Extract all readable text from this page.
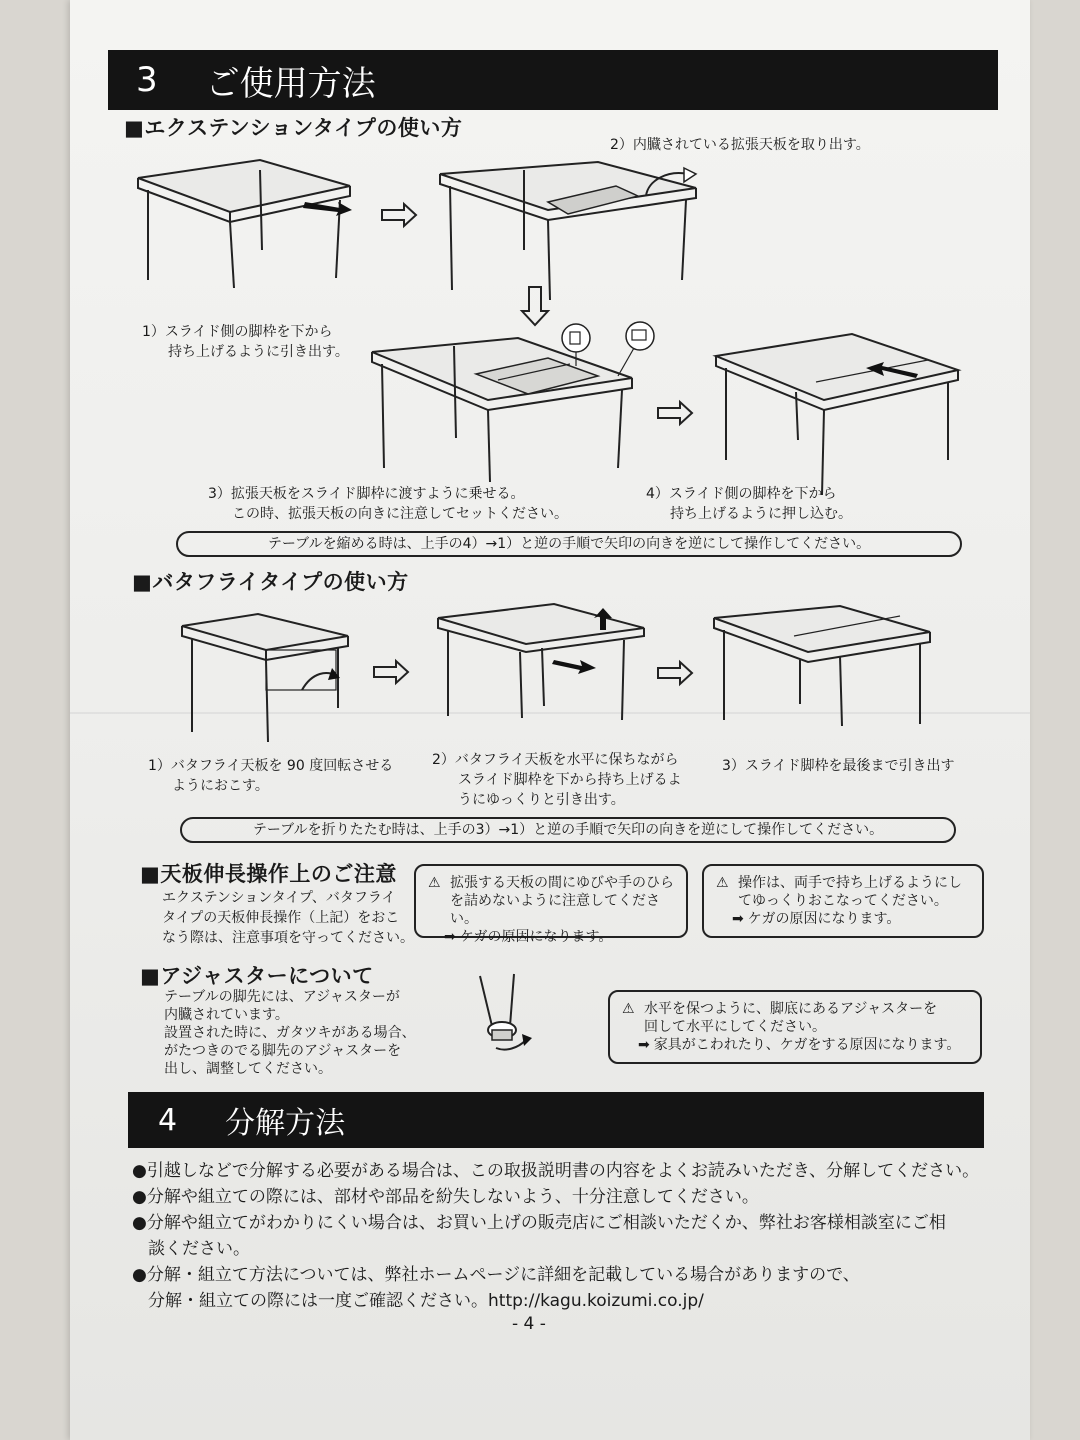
3 ご使用方法
■エクステンションタイプの使い方
2）内臓されている拡張天板を取り出す。
1）スライド側の脚枠を下から
持ち上げるように引き出す。
3）拡張天板をスライド脚枠に渡すように乗せる。
この時、拡張天板の向きに注意してセットください。
4）スライド側の脚枠を下から
持ち上げるように押し込む。
テーブルを縮める時は、上手の4）→1）と逆の手順で矢印の向きを逆にして操作してください。
■バタフライタイプの使い方
1）バタフライ天板を 90 度回転させる
ようにおこす。
2）バタフライ天板を水平に保ちながら
スライド脚枠を下から持ち上げるよ
うにゆっくりと引き出す。
3）スライド脚枠を最後まで引き出す
テーブルを折りたたむ時は、上手の3）→1）と逆の手順で矢印の向きを逆にして操作してください。
■天板伸長操作上のご注意
エクステンションタイプ、バタフライ
タイプの天板伸長操作（上記）をおこ
なう際は、注意事項を守ってください。
⚠ 拡張する天板の間にゆびや手のひら
を詰めないように注意してください。
➡ ケガの原因になります。
⚠ 操作は、両手で持ち上げるようにし
てゆっくりおこなってください。
➡ ケガの原因になります。
■アジャスターについて
テーブルの脚先には、アジャスターが
内臓されています。
設置された時に、ガタツキがある場合、
がたつきのでる脚先のアジャスターを
出し、調整してください。
⚠ 水平を保つように、脚底にあるアジャスターを
回して水平にしてください。
➡ 家具がこわれたり、ケガをする原因になります。
4 分解方法
●引越しなどで分解する必要がある場合は、この取扱説明書の内容をよくお読みいただき、分解してください。
●分解や組立ての際には、部材や部品を紛失しないよう、十分注意してください。
●分解や組立てがわかりにくい場合は、お買い上げの販売店にご相談いただくか、弊社お客様相談室にご相
談ください。
●分解・組立て方法については、弊社ホームページに詳細を記載している場合がありますので、
分解・組立ての際には一度ご確認ください。http://kagu.koizumi.co.jp/
- 4 -
